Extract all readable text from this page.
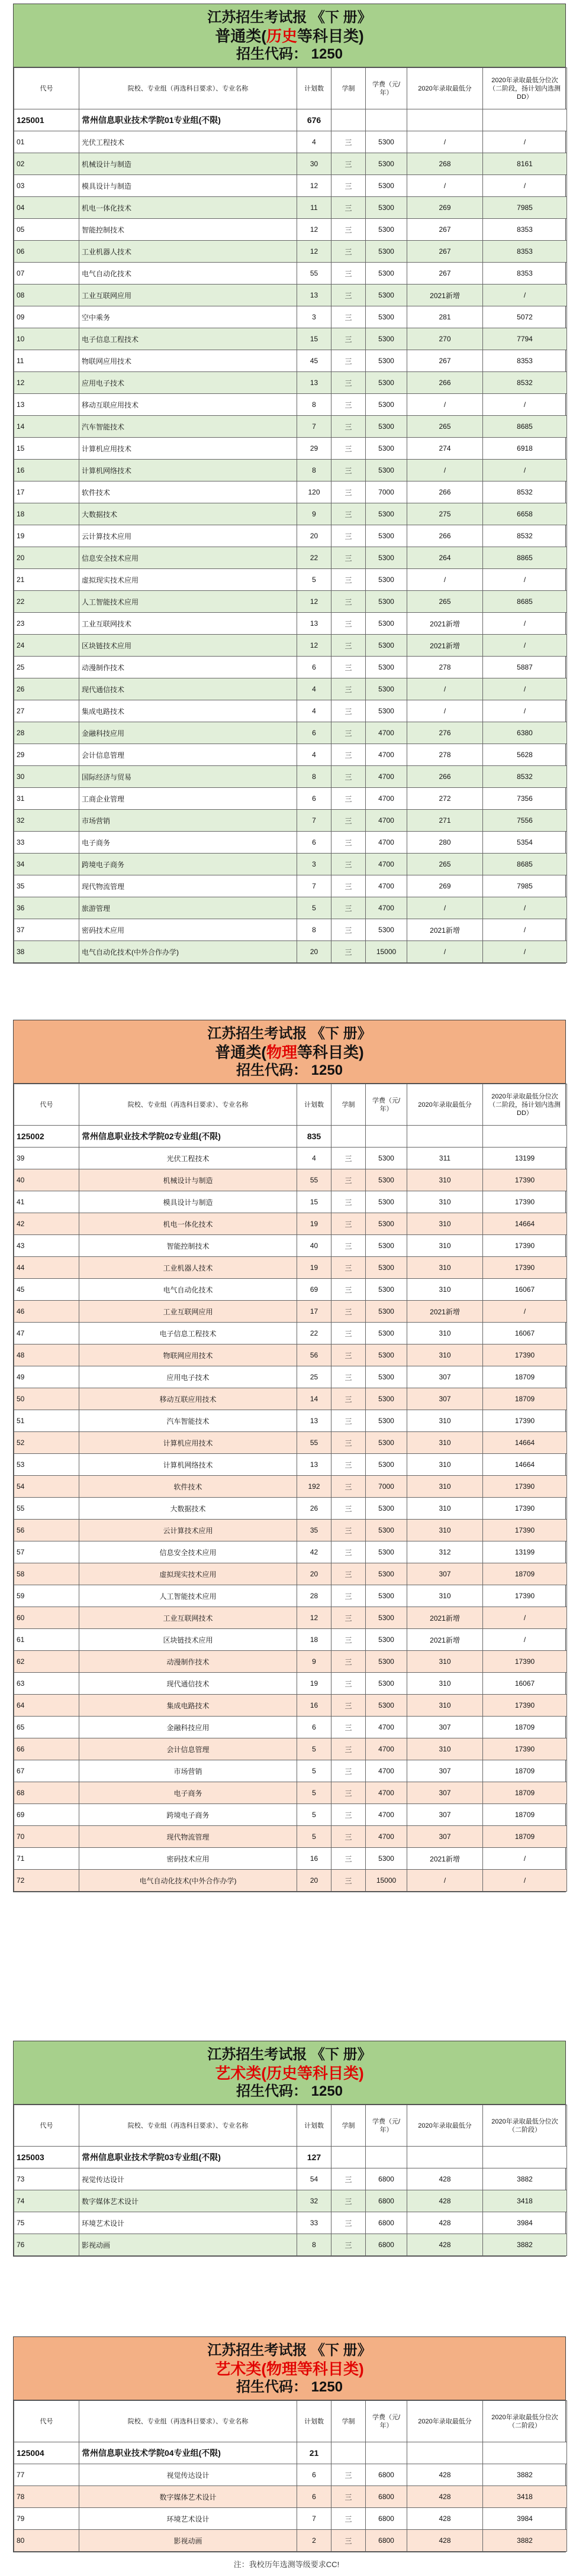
江苏招生考试报 《下 册》
普通类(历史等科目类)
招生代码： 1250
代号	院校、专业组（再选科目要求）、专业名称	计划数	学制	学费（元/年）	2020年录取最低分	2020年录取最低分位次（二阶段，扬计划内选测DD）
125001	常州信息职业技术学院01专业组(不限)	676				
01	光伏工程技术	4	三	5300	/	/
02	机械设计与制造	30	三	5300	268	8161
03	模具设计与制造	12	三	5300	/	/
04	机电一体化技术	11	三	5300	269	7985
05	智能控制技术	12	三	5300	267	8353
06	工业机器人技术	12	三	5300	267	8353
07	电气自动化技术	55	三	5300	267	8353
08	工业互联网应用	13	三	5300	2021新增	/
09	空中乘务	3	三	5300	281	5072
10	电子信息工程技术	15	三	5300	270	7794
11	物联网应用技术	45	三	5300	267	8353
12	应用电子技术	13	三	5300	266	8532
13	移动互联应用技术	8	三	5300	/	/
14	汽车智能技术	7	三	5300	265	8685
15	计算机应用技术	29	三	5300	274	6918
16	计算机网络技术	8	三	5300	/	/
17	软件技术	120	三	7000	266	8532
18	大数据技术	9	三	5300	275	6658
19	云计算技术应用	20	三	5300	266	8532
20	信息安全技术应用	22	三	5300	264	8865
21	虚拟现实技术应用	5	三	5300	/	/
22	人工智能技术应用	12	三	5300	265	8685
23	工业互联网技术	13	三	5300	2021新增	/
24	区块链技术应用	12	三	5300	2021新增	/
25	动漫制作技术	6	三	5300	278	5887
26	现代通信技术	4	三	5300	/	/
27	集成电路技术	4	三	5300	/	/
28	金融科技应用	6	三	4700	276	6380
29	会计信息管理	4	三	4700	278	5628
30	国际经济与贸易	8	三	4700	266	8532
31	工商企业管理	6	三	4700	272	7356
32	市场营销	7	三	4700	271	7556
33	电子商务	6	三	4700	280	5354
34	跨境电子商务	3	三	4700	265	8685
35	现代物流管理	7	三	4700	269	7985
36	旅游管理	5	三	4700	/	/
37	密码技术应用	8	三	5300	2021新增	/
38	电气自动化技术(中外合作办学)	20	三	15000	/	/
江苏招生考试报 《下 册》
普通类(物理等科目类)
招生代码： 1250
代号	院校、专业组（再选科目要求）、专业名称	计划数	学制	学费（元/年）	2020年录取最低分	2020年录取最低分位次（二阶段，扬计划内选测DD）
125002	常州信息职业技术学院02专业组(不限)	835				
39	光伏工程技术	4	三	5300	311	13199
40	机械设计与制造	55	三	5300	310	17390
41	模具设计与制造	15	三	5300	310	17390
42	机电一体化技术	19	三	5300	310	14664
43	智能控制技术	40	三	5300	310	17390
44	工业机器人技术	19	三	5300	310	17390
45	电气自动化技术	69	三	5300	310	16067
46	工业互联网应用	17	三	5300	2021新增	/
47	电子信息工程技术	22	三	5300	310	16067
48	物联网应用技术	56	三	5300	310	17390
49	应用电子技术	25	三	5300	307	18709
50	移动互联应用技术	14	三	5300	307	18709
51	汽车智能技术	13	三	5300	310	17390
52	计算机应用技术	55	三	5300	310	14664
53	计算机网络技术	13	三	5300	310	14664
54	软件技术	192	三	7000	310	17390
55	大数据技术	26	三	5300	310	17390
56	云计算技术应用	35	三	5300	310	17390
57	信息安全技术应用	42	三	5300	312	13199
58	虚拟现实技术应用	20	三	5300	307	18709
59	人工智能技术应用	28	三	5300	310	17390
60	工业互联网技术	12	三	5300	2021新增	/
61	区块链技术应用	18	三	5300	2021新增	/
62	动漫制作技术	9	三	5300	310	17390
63	现代通信技术	19	三	5300	310	16067
64	集成电路技术	16	三	5300	310	17390
65	金融科技应用	6	三	4700	307	18709
66	会计信息管理	5	三	4700	310	17390
67	市场营销	5	三	4700	307	18709
68	电子商务	5	三	4700	307	18709
69	跨境电子商务	5	三	4700	307	18709
70	现代物流管理	5	三	4700	307	18709
71	密码技术应用	16	三	5300	2021新增	/
72	电气自动化技术(中外合作办学)	20	三	15000	/	/
江苏招生考试报 《下 册》
艺术类(历史等科目类)
招生代码： 1250
代号	院校、专业组（再选科目要求）、专业名称	计划数	学制	学费（元/年）	2020年录取最低分	2020年录取最低分位次（二阶段）
125003	常州信息职业技术学院03专业组(不限)	127				
73	视觉传达设计	54	三	6800	428	3882
74	数字媒体艺术设计	32	三	6800	428	3418
75	环境艺术设计	33	三	6800	428	3984
76	影视动画	8	三	6800	428	3882
江苏招生考试报 《下 册》
艺术类(物理等科目类)
招生代码： 1250
代号	院校、专业组（再选科目要求）、专业名称	计划数	学制	学费（元/年）	2020年录取最低分	2020年录取最低分位次（二阶段）
125004	常州信息职业技术学院04专业组(不限)	21				
77	视觉传达设计	6	三	6800	428	3882
78	数字媒体艺术设计	6	三	6800	428	3418
79	环境艺术设计	7	三	6800	428	3984
80	影视动画	2	三	6800	428	3882
注：我校历年选测等级要求CC!
